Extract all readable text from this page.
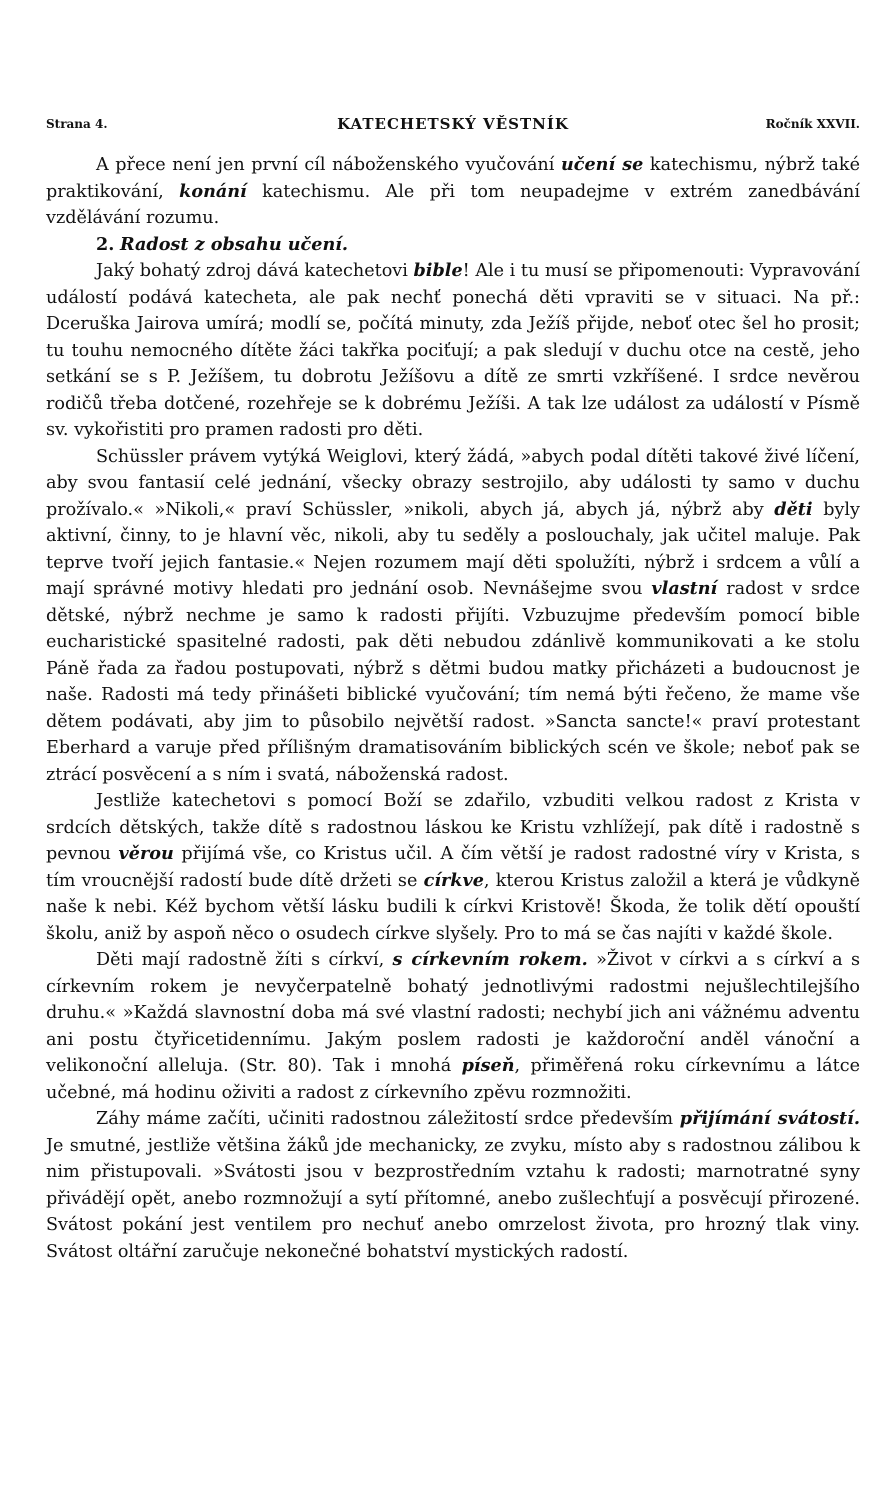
Strana 4.	KATECHETSKÝ VĚSTNÍK	Ročník XXVII.

A přece není jen první cíl náboženského vyučování učení se katechismu, nýbrž také praktikování, konání katechismu. Ale při tom neupadejme v extrém zanedbávání vzdělávání rozumu.

2. Radost z obsahu učení.

Jaký bohatý zdroj dává katechetovi bible! Ale i tu musí se připomenouti: Vypravování událostí podává katecheta, ale pak nechť ponechá děti vpraviti se v situaci. Na př.: Dceruška Jairova umírá; modlí se, počítá minuty, zda Ježíš přijde, neboť otec šel ho prosit; tu touhu nemocného dítěte žáci takřka pociťují; a pak sledují v duchu otce na cestě, jeho setkání se s P. Ježíšem, tu dobrotu Ježíšovu a dítě ze smrti vzkříšené. I srdce nevěrou rodičů třeba dotčené, rozehřeje se k dobrému Ježíši. A tak lze událost za událostí v Písmě sv. vykořistiti pro pramen radosti pro děti.

Schüssler právem vytýká Weiglovi, který žádá, »abych podal dítěti takové živé líčení, aby svou fantasií celé jednání, všecky obrazy sestrojilo, aby události ty samo v duchu prožívalo.« »Nikoli,« praví Schüssler, »nikoli, abych já, abych já, nýbrž aby děti byly aktivní, činny, to je hlavní věc, nikoli, aby tu seděly a poslouchaly, jak učitel maluje. Pak teprve tvoří jejich fantasie.« Nejen rozumem mají děti spolužíti, nýbrž i srdcem a vůlí a mají správné motivy hledati pro jednání osob. Nevnášejme svou vlastní radost v srdce dětské, nýbrž nechme je samo k radosti přijíti. Vzbuzujme především pomocí bible eucharistické spasitelné radosti, pak děti nebudou zdánlivě kommunikovati a ke stolu Páně řada za řadou postupovati, nýbrž s dětmi budou matky přicházeti a budoucnost je naše. Radosti má tedy přinášeti biblické vyučování; tím nemá býti řečeno, že mame vše dětem podávati, aby jim to působilo největší radost. »Sancta sancte!« praví protestant Eberhard a varuje před přílišným dramatisováním biblických scén ve škole; neboť pak se ztrácí posvěcení a s ním i svatá, náboženská radost.

Jestliže katechetovi s pomocí Boží se zdařilo, vzbuditi velkou radost z Krista v srdcích dětských, takže dítě s radostnou láskou ke Kristu vzhlížejí, pak dítě i radostně s pevnou věrou přijímá vše, co Kristus učil. A čím větší je radost radostné víry v Krista, s tím vroucnější radostí bude dítě držeti se církve, kterou Kristus založil a která je vůdkyně naše k nebi. Kéž bychom větší lásku budili k církvi Kristově! Škoda, že tolik dětí opouští školu, aniž by aspoň něco o osudech církve slyšely. Pro to má se čas najíti v každé škole.

Děti mají radostně žíti s církví, s církevním rokem. »Život v církvi a s církví a s církevním rokem je nevyčerpatelně bohatý jednotlivými radostmi nejušlechtilejšího druhu.« »Každá slavnostní doba má své vlastní radosti; nechybí jich ani vážnému adventu ani postu čtyřicetidennímu. Jakým poslem radosti je každoroční anděl vánoční a velikonoční alleluja. (Str. 80). Tak i mnohá píseň, přiměřená roku církevnímu a látce učebné, má hodinu oživiti a radost z církevního zpěvu rozmnožiti.

Záhy máme začíti, učiniti radostnou záležitostí srdce především přijímání svátostí. Je smutné, jestliže většina žáků jde mechanicky, ze zvyku, místo aby s radostnou zálibou k nim přistupovali. »Svátosti jsou v bezprostředním vztahu k radosti; marnotratné syny přivádějí opět, anebo rozmnožují a sytí přítomné, anebo zušlechťují a posvěcují přirozené. Svátost pokání jest ventilem pro nechuť anebo omrzelost života, pro hrozný tlak viny. Svátost oltářní zaručuje nekonečné bohatství mystických radostí.
